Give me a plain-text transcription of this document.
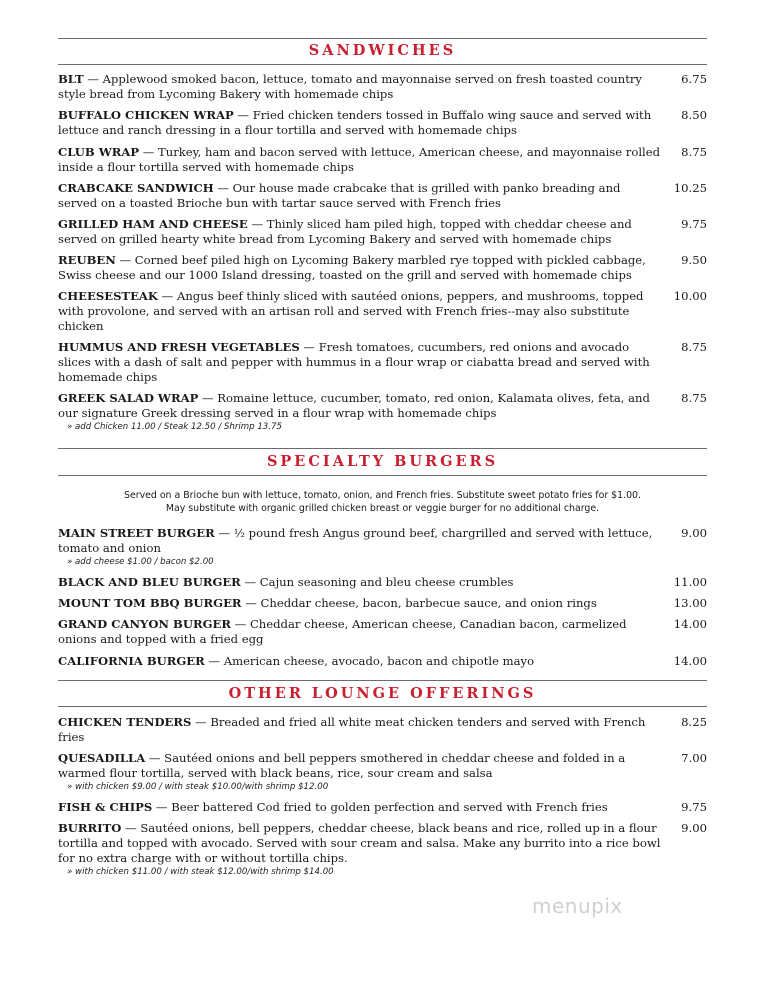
SANDWICHES
BLT — Applewood smoked bacon, lettuce, tomato and mayonnaise served on fresh toasted country style bread from Lycoming Bakery with homemade chips
6.75
BUFFALO CHICKEN WRAP — Fried chicken tenders tossed in Buffalo wing sauce and served with lettuce and ranch dressing in a flour tortilla and served with homemade chips
8.50
CLUB WRAP — Turkey, ham and bacon served with lettuce, American cheese, and mayonnaise rolled inside a flour tortilla served with homemade chips
8.75
CRABCAKE SANDWICH — Our house made crabcake that is grilled with panko breading and served on a toasted Brioche bun with tartar sauce served with French fries
10.25
GRILLED HAM AND CHEESE — Thinly sliced ham piled high, topped with cheddar cheese and served on grilled hearty white bread from Lycoming Bakery and served with homemade chips
9.75
REUBEN — Corned beef piled high on Lycoming Bakery marbled rye topped with pickled cabbage, Swiss cheese and our 1000 Island dressing, toasted on the grill and served with homemade chips
9.50
CHEESESTEAK — Angus beef thinly sliced with sautéed onions, peppers, and mushrooms, topped with provolone, and served with an artisan roll and served with French fries--may also substitute chicken
10.00
HUMMUS AND FRESH VEGETABLES — Fresh tomatoes, cucumbers, red onions and avocado slices with a dash of salt and pepper with hummus in a flour wrap or ciabatta bread and served with homemade chips
8.75
GREEK SALAD WRAP — Romaine lettuce, cucumber, tomato, red onion, Kalamata olives, feta, and our signature Greek dressing served in a flour wrap with homemade chips
» add Chicken 11.00 / Steak 12.50 / Shrimp 13.75
8.75
SPECIALTY BURGERS
Served on a Brioche bun with lettuce, tomato, onion, and French fries. Substitute sweet potato fries for $1.00.
May substitute with organic grilled chicken breast or veggie burger for no additional charge.
MAIN STREET BURGER — ½ pound fresh Angus ground beef, chargrilled and served with lettuce, tomato and onion
» add cheese $1.00 / bacon $2.00
9.00
BLACK AND BLEU BURGER — Cajun seasoning and bleu cheese crumbles	11.00
MOUNT TOM BBQ BURGER — Cheddar cheese, bacon, barbecue sauce, and onion rings	13.00
GRAND CANYON BURGER — Cheddar cheese, American cheese, Canadian bacon, carmelized onions and topped with a fried egg
14.00
CALIFORNIA BURGER — American cheese, avocado, bacon and chipotle mayo	14.00
OTHER LOUNGE OFFERINGS
CHICKEN TENDERS — Breaded and fried all white meat chicken tenders and served with French fries
8.25
QUESADILLA — Sautéed onions and bell peppers smothered in cheddar cheese and folded in a warmed flour tortilla, served with black beans, rice, sour cream and salsa
» with chicken $9.00 / with steak $10.00/with shrimp $12.00
7.00
FISH & CHIPS — Beer battered Cod fried to golden perfection and served with French fries	9.75
BURRITO — Sautéed onions, bell peppers, cheddar cheese, black beans and rice, rolled up in a flour tortilla and topped with avocado. Served with sour cream and salsa. Make any burrito into a rice bowl for no extra charge with or without tortilla chips.
» with chicken $11.00 / with steak $12.00/with shrimp $14.00
9.00
menupix
